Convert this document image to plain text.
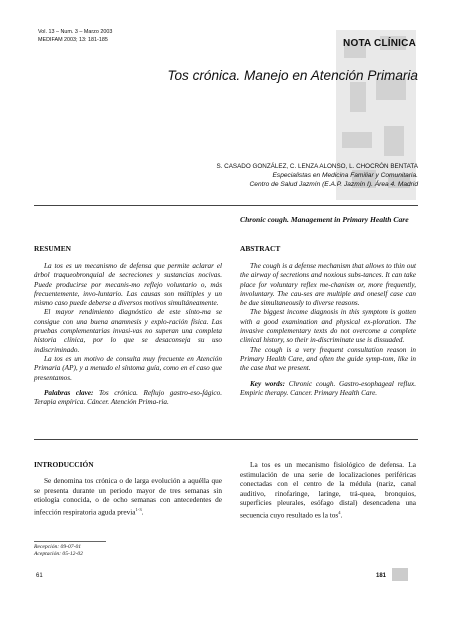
Vol. 13 – Num. 3 – Marzo 2003
MEDIFAM 2003; 13: 181-185	NOTA CLÍNICA
Tos crónica. Manejo en Atención Primaria
S. CASADO GONZÁLEZ, C. LENZA ALONSO, L. CHOCRÓN BENTATA
Especialistas en Medicina Familiar y Comunitaria.
Centro de Salud Jazmín (E.A.P. Jazmín I). Área 4. Madrid
Chronic cough. Management in Primary Health Care
RESUMEN

La tos es un mecanismo de defensa que permite aclarar el árbol traqueobronquial de secreciones y sustancias nocivas. Puede producirse por mecanis-mo reflejo voluntario o, más frecuentemente, invo-luntario. Las causas son múltiples y un mismo caso puede deberse a diversos motivos simultáneamente.

El mayor rendimiento diagnóstico de este sínto-ma se consigue con una buena anamnesis y explo-ración física. Las pruebas complementarias invasi-vas no superan una completa historia clínica, por lo que se desaconseja su uso indiscriminado.

La tos es un motivo de consulta muy frecuente en Atención Primaria (AP), y a menudo el síntoma guía, como en el caso que presentamos.

Palabras clave: Tos crónica. Reflujo gastro-eso-fágico. Terapia empírica. Cáncer. Atención Prima-ria.

ABSTRACT

The cough is a defense mechanism that allows to thin out the airway of secretions and noxious subs-tances. It can take place for voluntary reflex me-chanism or, more frequently, involuntary. The cau-ses are multiple and oneself case can be due simultaneously to diverse reasons.

The biggest income diagnosis in this symptom is gotten with a good examination and physical ex-ploration. The invasive complementary texts do not overcome a complete clinical history, so their in-discriminate use is dissuaded.

The cough is a very frequent consultation reason in Primary Health Care, and often the guide symp-tom, like in the case that we present.

Key words: Chronic cough. Gastro-esophageal reflux. Empiric therapy. Cancer. Primary Health Care.

INTRODUCCIÓN

Se denomina tos crónica o de larga evolución a aquélla que se presenta durante un periodo mayor de tres semanas sin etiología conocida, o de ocho semanas con antecedentes de infección respiratoria aguda previa$^{1-3}$.

La tos es un mecanismo fisiológico de defensa. La estimulación de una serie de localizaciones periféricas conectadas con el centro de la médula (nariz, canal auditivo, rinofaringe, laringe, trá-quea, bronquios, superficies pleurales, esófago distal) desencadena una secuencia cuyo resultado es la tos$^4$.

Recepción: 09-07-01
Aceptación: 05-12-02
61	181
